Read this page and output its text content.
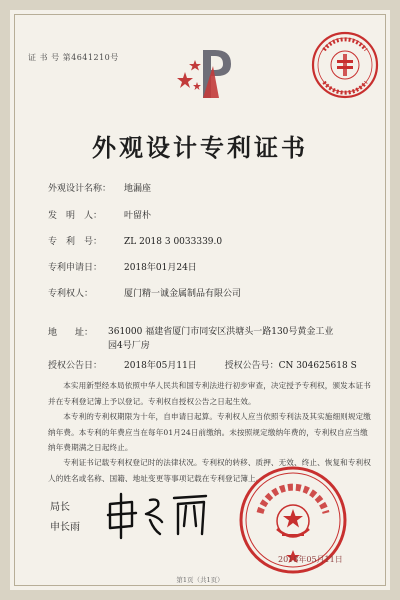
证 书 号 第4641210号
外观设计专利证书
外观设计名称： 地漏座
发　明　人： 叶留朴
专　利　号： ZL 2018 3 0033339.0
专利申请日： 2018年01月24日
专利权人：	厦门精一诚金属制品有限公司
地　　址： 361000 福建省厦门市同安区洪塘头一路130号黄金工业园4号厂房
授权公告日： 2018年05月11日	授权公告号：CN 304625618 S
本实用新型经本局依照中华人民共和国专利法进行初步审查，决定授予专利权，颁发本证书并在专利登记簿上予以登记。专利权自授权公告之日起生效。
本专利的专利权期限为十年，自申请日起算。专利权人应当依照专利法及其实施细则规定缴纳年费。本专利的年费应当在每年01月24日前缴纳。未按照规定缴纳年费的，专利权自应当缴纳年费期满之日起终止。
专利证书记载专利权登记时的法律状况。专利权的转移、质押、无效、终止、恢复和专利权人的姓名或名称、国籍、地址变更等事项记载在专利登记簿上。
局长
申长雨
2018年05月11日
第1页（共1页）
